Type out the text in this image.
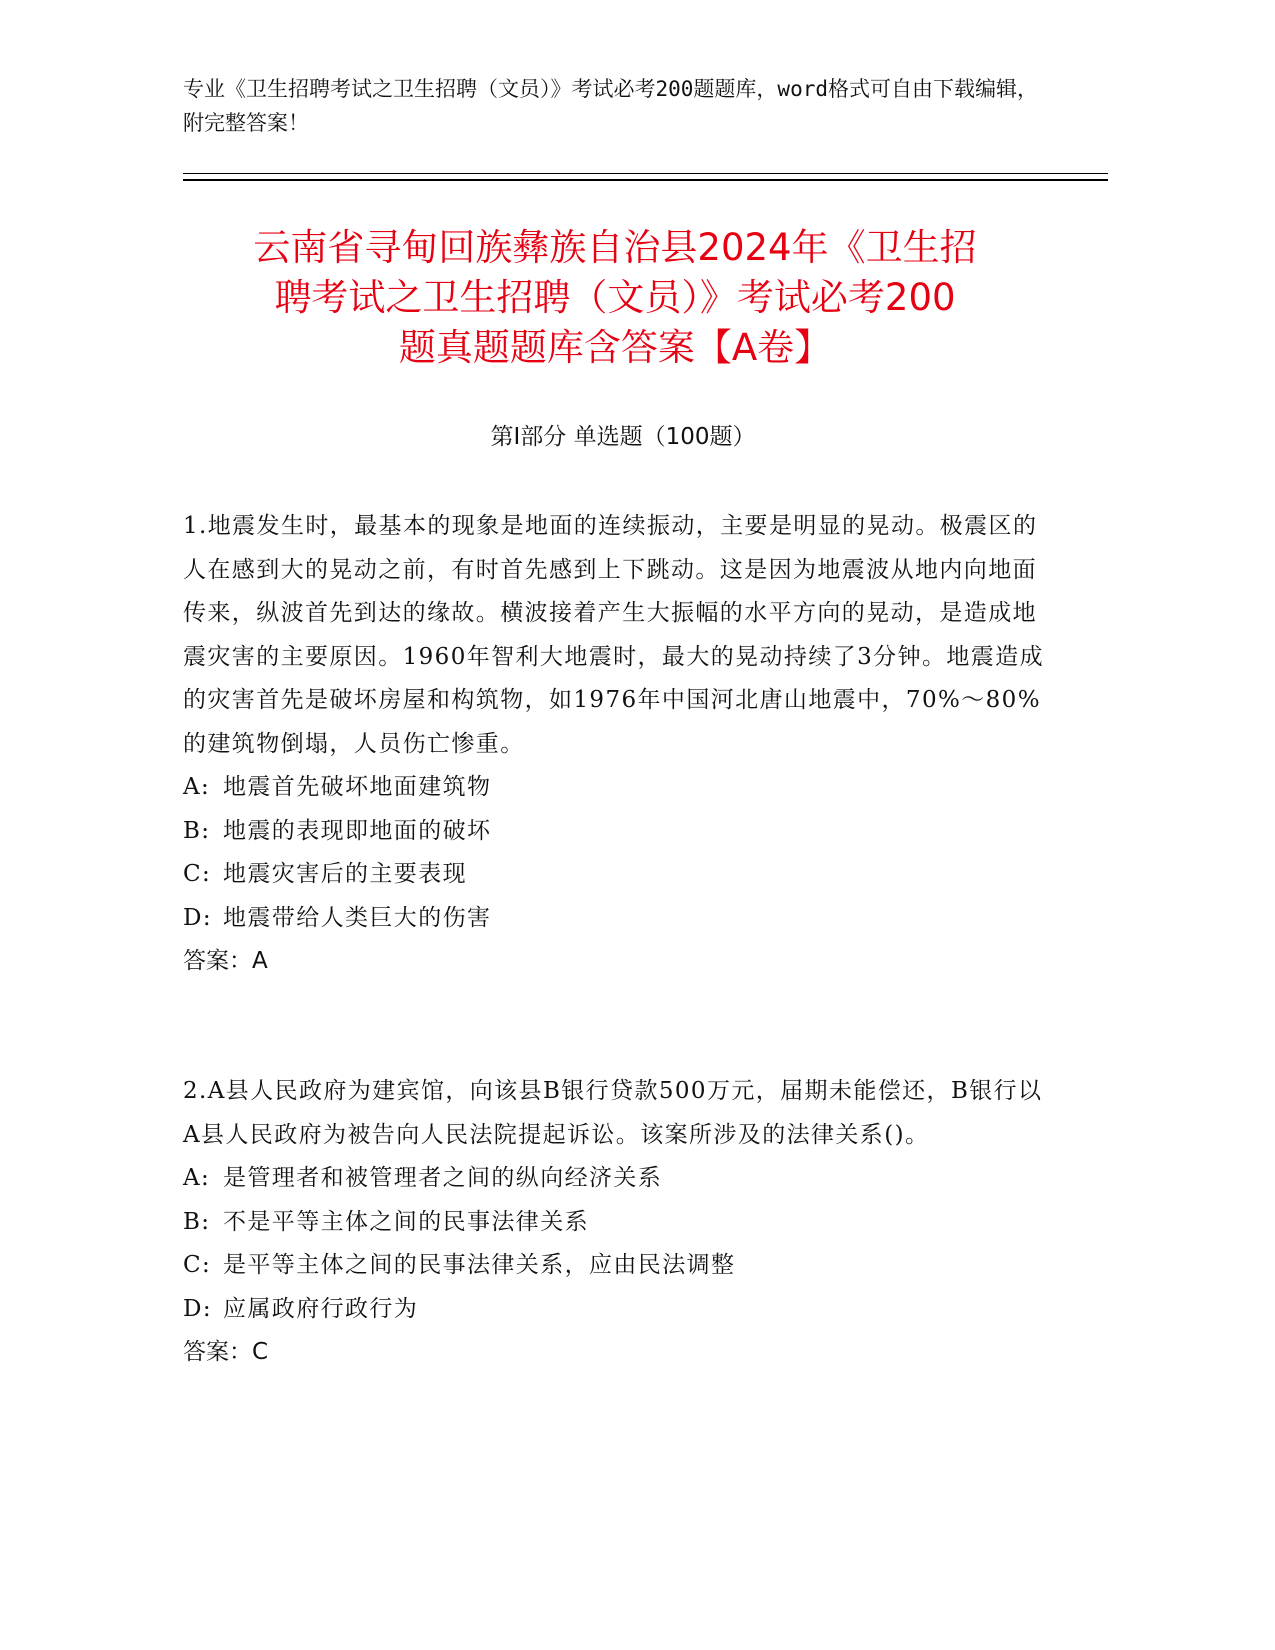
专业《卫生招聘考试之卫生招聘（文员）》考试必考200题题库，word格式可自由下载编辑，附完整答案！
云南省寻甸回族彝族自治县2024年《卫生招
聘考试之卫生招聘（文员）》考试必考200
题真题题库含答案【A卷】
第Ⅰ部分 单选题（100题）
1.地震发生时，最基本的现象是地面的连续振动，主要是明显的晃动。极震区的人在感到大的晃动之前，有时首先感到上下跳动。这是因为地震波从地内向地面传来，纵波首先到达的缘故。横波接着产生大振幅的水平方向的晃动，是造成地震灾害的主要原因。1960年智利大地震时，最大的晃动持续了3分钟。地震造成的灾害首先是破坏房屋和构筑物，如1976年中国河北唐山地震中，70%～80%的建筑物倒塌，人员伤亡惨重。
A: 地震首先破坏地面建筑物
B: 地震的表现即地面的破坏
C: 地震灾害后的主要表现
D: 地震带给人类巨大的伤害
答案：A
2.A县人民政府为建宾馆，向该县B银行贷款500万元，届期未能偿还，B银行以A县人民政府为被告向人民法院提起诉讼。该案所涉及的法律关系()。
A: 是管理者和被管理者之间的纵向经济关系
B: 不是平等主体之间的民事法律关系
C: 是平等主体之间的民事法律关系，应由民法调整
D: 应属政府行政行为
答案：C
